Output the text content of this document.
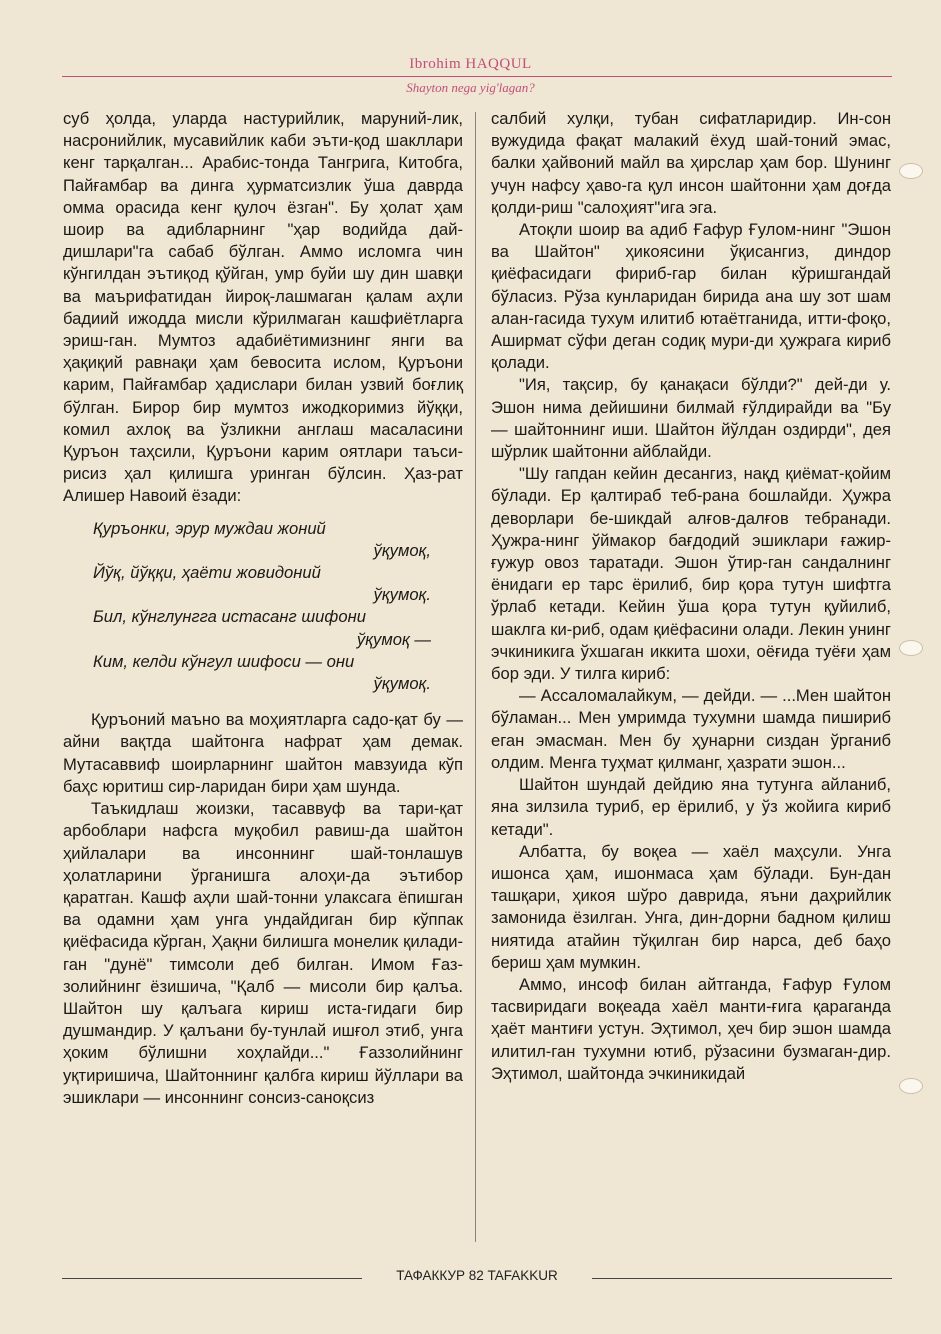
Ibrohim HAQQUL
Shayton nega yig'lagan?

суб ҳолда, уларда настурийлик, маруний-лик, насронийлик, мусавийлик каби эъти-қод шакллари кенг тарқалган... Арабис-тонда Тангрига, Китобга, Пайғамбар ва динга ҳурматсизлик ўша даврда омма орасида кенг қулоч ёзган". Бу ҳолат ҳам шоир ва адибларнинг "ҳар водийда дай-дишлари"га сабаб бўлган. Аммо исломга чин кўнгилдан эътиқод қўйган, умр буйи шу дин шавқи ва маърифатидан йироқ-лашмаган қалам аҳли бадиий ижодда мисли кўрилмаган кашфиётларга эриш-ган. Мумтоз адабиётимизнинг янги ва ҳақиқий равнақи ҳам бевосита ислом, Қуръони карим, Пайғамбар ҳадислари билан узвий боғлиқ бўлган. Бирор бир мумтоз ижодкоримиз йўққи, комил ахлоқ ва ўзликни англаш масаласини Қуръон таҳсили, Қуръони карим оятлари таъси-рисиз ҳал қилишга уринган бўлсин. Ҳаз-рат Алишер Навоий ёзади:

Қуръонки, эрур муждаи жоний
ўқумоқ,
Йўқ, йўққи, ҳаёти жовидоний
ўқумоқ.
Бил, кўнглунгга истасанг шифони
ўқумоқ —
Ким, келди кўнгул шифоси — они
ўқумоқ.

Қуръоний маъно ва моҳиятларга садо-қат бу — айни вақтда шайтонга нафрат ҳам демак. Мутасаввиф шоирларнинг шайтон мавзуида кўп баҳс юритиш сир-ларидан бири ҳам шунда.

Таъкидлаш жоизки, тасаввуф ва тари-қат арбоблари нафсга муқобил равиш-да шайтон ҳийлалари ва инсоннинг шай-тонлашув ҳолатларини ўрганишга алоҳи-да эътибор қаратган. Кашф аҳли шай-тонни улаксага ёпишган ва одамни ҳам унга ундайдиган бир кўппак қиёфасида кўрган, Ҳақни билишга монелик қилади-ган "дунё" тимсоли деб билган. Имом Ғаз-золийнинг ёзишича, "Қалб — мисоли бир қалъа. Шайтон шу қалъага кириш иста-гидаги бир душмандир. У қалъани бу-тунлай ишғол этиб, унга ҳоким бўлишни хоҳлайди..." Ғаззолийнинг уқтиришича, Шайтоннинг қалбга кириш йўллари ва эшиклари — инсоннинг сонсиз-саноқсиз

салбий хулқи, тубан сифатларидир. Ин-сон вужудида фақат малакий ёхуд шай-тоний эмас, балки ҳайвоний майл ва ҳирслар ҳам бор. Шунинг учун нафсу ҳаво-га қул инсон шайтонни ҳам доғда қолди-риш "салоҳият"ига эга.

Атоқли шоир ва адиб Ғафур Ғулом-нинг "Эшон ва Шайтон" ҳикоясини ўқисангиз, диндор қиёфасидаги фириб-гар билан кўришгандай бўласиз. Рўза кунларидан бирида ана шу зот шам алан-гасида тухум илитиб ютаётганида, итти-фоқо, Аширмат сўфи деган содиқ мури-ди ҳужрага кириб қолади.

"Ия, тақсир, бу қанақаси бўлди?" дей-ди у. Эшон нима дейишини билмай ғўлдирайди ва "Бу — шайтоннинг иши. Шайтон йўлдан оздирди", дея шўрлик шайтонни айблайди.

"Шу гапдан кейин десангиз, нақд қиёмат-қойим бўлади. Ер қалтираб теб-рана бошлайди. Ҳужра деворлари бе-шикдай алғов-далғов тебранади. Ҳужра-нинг ўймакор бағдодий эшиклари ғажир-ғужур овоз таратади. Эшон ўтир-ган сандалнинг ёнидаги ер тарс ёрилиб, бир қора тутун шифтга ўрлаб кетади. Кейин ўша қора тутун қуйилиб, шаклга ки-риб, одам қиёфасини олади. Лекин унинг эчкиникига ўхшаган иккита шохи, оёғида туёғи ҳам бор эди. У тилга кириб:

— Ассаломалайкум, — дейди. — ...Мен шайтон бўламан... Мен умримда тухумни шамда пишириб еган эмасман. Мен бу ҳунарни сиздан ўрганиб олдим. Менга туҳмат қилманг, ҳазрати эшон...

Шайтон шундай дейдию яна тутунга айланиб, яна зилзила туриб, ер ёрилиб, у ўз жойига кириб кетади".

Албатта, бу воқеа — хаёл маҳсули. Унга ишонса ҳам, ишонмаса ҳам бўлади. Бун-дан ташқари, ҳикоя шўро даврида, яъни даҳрийлик замонида ёзилган. Унга, дин-дорни бадном қилиш ниятида атайин тўқилган бир нарса, деб баҳо бериш ҳам мумкин.

Аммо, инсоф билан айтганда, Ғафур Ғулом тасвиридаги воқеада хаёл манти-ғига қараганда ҳаёт мантиғи устун. Эҳтимол, ҳеч бир эшон шамда илитил-ган тухумни ютиб, рўзасини бузмаган-дир. Эҳтимол, шайтонда эчкиникидай

ТАФАККУР 82 TAFAKKUR
